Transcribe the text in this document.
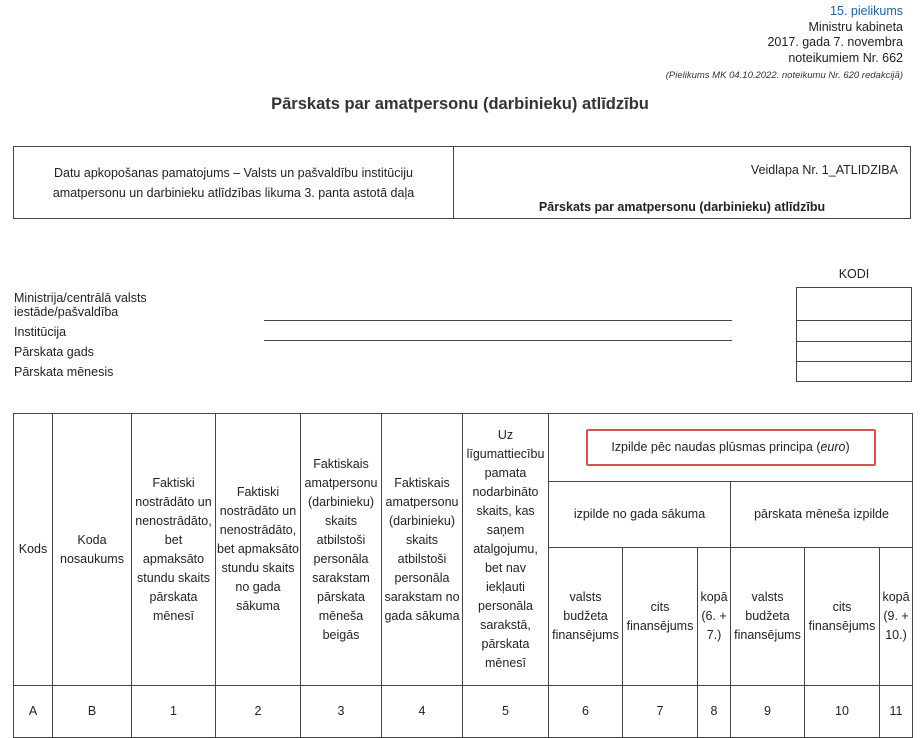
15. pielikums
Ministru kabineta
2017. gada 7. novembra
noteikumiem Nr. 662
(Pielikums MK 04.10.2022. noteikumu Nr. 620 redakcijā)
Pārskats par amatpersonu (darbinieku) atlīdzību
Datu apkopošanas pamatojums – Valsts un pašvaldību institūciju
amatpersonu un darbinieku atlīdzības likuma 3. panta astotā daļa
Veidlapa Nr. 1_ATLIDZIBA
Pārskats par amatpersonu (darbinieku) atlīdzību
KODI
Ministrija/centrālā valsts
iestāde/pašvaldība
Institūcija
Pārskata gads
Pārskata mēnesis
Kods	Koda nosaukums	Faktiski nostrādāto un nenostrādāto, bet apmaksāto stundu skaits pārskata mēnesī	Faktiski nostrādāto un nenostrādāto, bet apmaksāto stundu skaits no gada sākuma	Faktiskais amatpersonu (darbinieku) skaits atbilstoši personāla sarakstam pārskata mēneša beigās	Faktiskais amatpersonu (darbinieku) skaits atbilstoši personāla sarakstam no gada sākuma	Uz līgumattiecību pamata nodarbināto skaits, kas saņem atalgojumu, bet nav iekļauti personāla sarakstā, pārskata mēnesī	Izpilde pēc naudas plūsmas principa (euro)					
							izpilde no gada sākuma			pārskata mēneša izpilde		
							valsts budžeta finansējums	cits finansējums	kopā (6. + 7.)	valsts budžeta finansējums	cits finansējums	kopā (9. + 10.)
A	B	1	2	3	4	5	6	7	8	9	10	11
